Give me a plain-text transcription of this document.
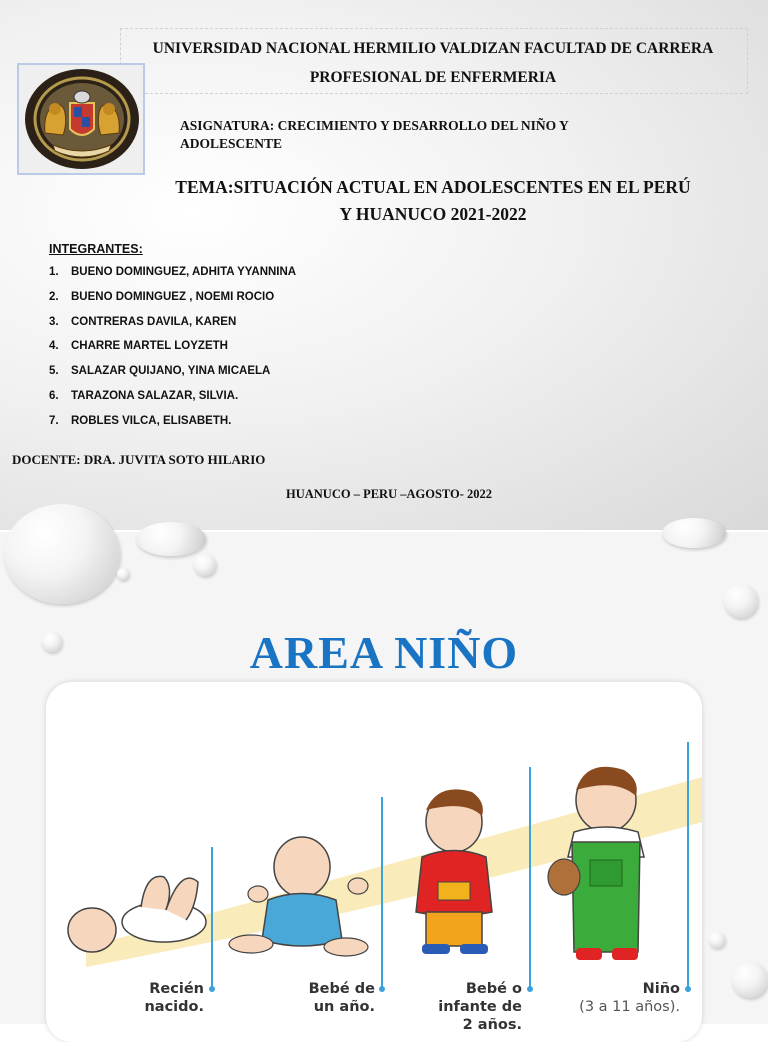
UNIVERSIDAD NACIONAL HERMILIO VALDIZAN FACULTAD DE CARRERA
PROFESIONAL DE ENFERMERIA
ASIGNATURA: CRECIMIENTO Y DESARROLLO DEL NIÑO Y
ADOLESCENTE
TEMA:SITUACIÓN ACTUAL EN ADOLESCENTES EN EL PERÚ
Y HUANUCO 2021-2022
INTEGRANTES:
1. BUENO DOMINGUEZ, ADHITA YYANNINA
2. BUENO DOMINGUEZ , NOEMI ROCIO
3. CONTRERAS DAVILA, KAREN
4. CHARRE MARTEL LOYZETH
5. SALAZAR QUIJANO, YINA MICAELA
6. TARAZONA SALAZAR, SILVIA.
7. ROBLES VILCA, ELISABETH.
DOCENTE: DRA. JUVITA SOTO HILARIO
HUANUCO – PERU –AGOSTO- 2022
AREA NIÑO
Recién
nacido.
Bebé de
un año.
Bebé o
infante de
2 años.
Niño
(3 a 11 años).
